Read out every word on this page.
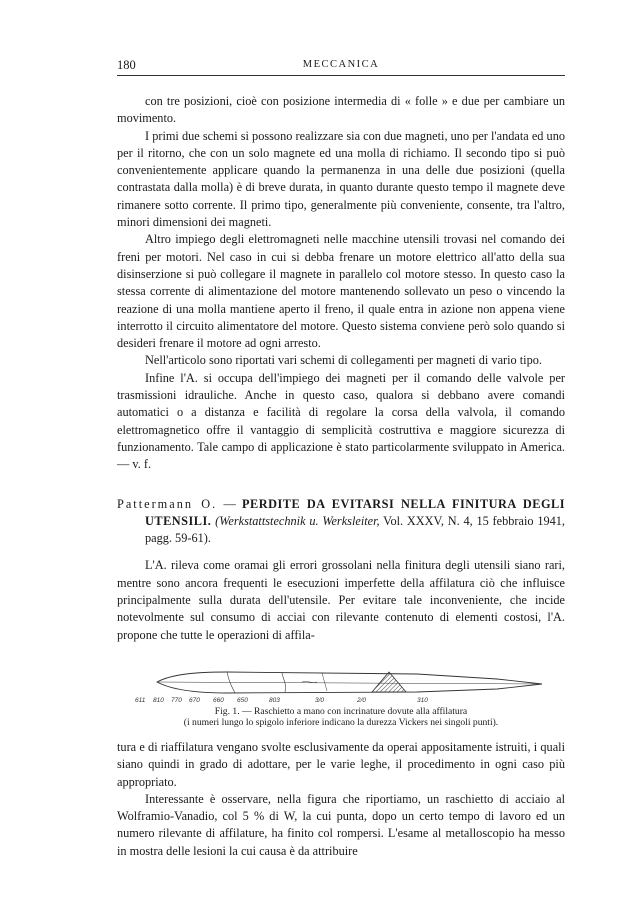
180	MECCANICA

con tre posizioni, cioè con posizione intermedia di « folle » e due per cambiare un movimento.

I primi due schemi si possono realizzare sia con due magneti, uno per l'andata ed uno per il ritorno, che con un solo magnete ed una molla di richiamo. Il secondo tipo si può convenientemente applicare quando la permanenza in una delle due posizioni (quella contrastata dalla molla) è di breve durata, in quanto durante questo tempo il magnete deve rimanere sotto corrente. Il primo tipo, generalmente più conveniente, consente, tra l'altro, minori dimensioni dei magneti.

Altro impiego degli elettromagneti nelle macchine utensili trovasi nel comando dei freni per motori. Nel caso in cui si debba frenare un motore elettrico all'atto della sua disinserzione si può collegare il magnete in parallelo col motore stesso. In questo caso la stessa corrente di alimentazione del motore mantenendo sollevato un peso o vincendo la reazione di una molla mantiene aperto il freno, il quale entra in azione non appena viene interrotto il circuito alimentatore del motore. Questo sistema conviene però solo quando si desideri frenare il motore ad ogni arresto.

Nell'articolo sono riportati vari schemi di collegamenti per magneti di vario tipo.

Infine l'A. si occupa dell'impiego dei magneti per il comando delle valvole per trasmissioni idrauliche. Anche in questo caso, qualora si debbano avere comandi automatici o a distanza e facilità di regolare la corsa della valvola, il comando elettromagnetico offre il vantaggio di semplicità costruttiva e maggiore sicurezza di funzionamento. Tale campo di applicazione è stato particolarmente sviluppato in America. — v. f.

Pattermann O. — PERDITE DA EVITARSI NELLA FINITURA DEGLI UTENSILI. (Werkstattstechnik u. Werksleiter, Vol. XXXV, N. 4, 15 febbraio 1941, pagg. 59-61).

L'A. rileva come oramai gli errori grossolani nella finitura degli utensili siano rari, mentre sono ancora frequenti le esecuzioni imperfette della affilatura ciò che influisce principalmente sulla durata dell'utensile. Per evitare tale inconveniente, che incide notevolmente sul consumo di acciai con rilevante contenuto di elementi costosi, l'A. propone che tutte le operazioni di affila-

611 810 770 670 660 650	803	3/0	2/0	310
Fig. 1. — Raschietto a mano con incrinature dovute alla affilatura
(i numeri lungo lo spigolo inferiore indicano la durezza Vickers nei singoli punti).

tura e di riaffilatura vengano svolte esclusivamente da operai appositamente istruiti, i quali siano quindi in grado di adottare, per le varie leghe, il procedimento in ogni caso più appropriato.

Interessante è osservare, nella figura che riportiamo, un raschietto di acciaio al Wolframio-Vanadio, col 5 % di W, la cui punta, dopo un certo tempo di lavoro ed un numero rilevante di affilature, ha finito col rompersi. L'esame al metalloscopio ha messo in mostra delle lesioni la cui causa è da attribuire
